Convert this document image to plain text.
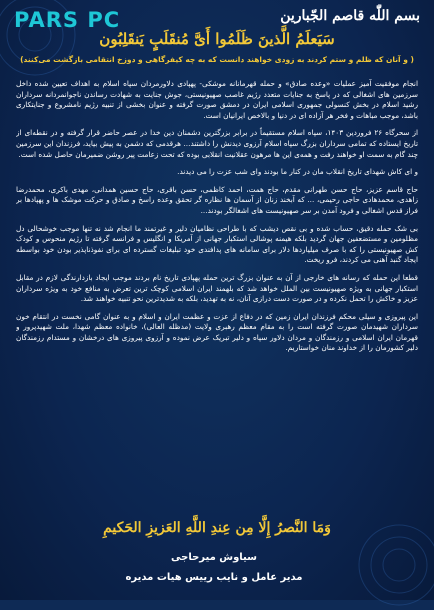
PARS PC	بسم اللّٰه قاصم الجّبارین
سَیَعلَمُ الَّذینَ ظَلَمُوا أَیَّ مُنقَلَبٍ یَنقَلِبُون
( و آنان که ظلم و ستم کردند به زودی خواهند دانست که به چه کیفرگاهی و دوزخ انتقامی بازگشت می‌کنند)

انجام موفقیت آمیز عملیات «وعده صادق» و حمله قهرمانانه موشکی- پهپادی دلاورمردان سپاه اسلام به اهداف تعیین شده داخل سرزمین های اشغالی که در پاسخ به جنایات متعدد رژیم غاصب صهیونیستی، جوش جنایت به شهادت رساندن ناجوانمردانه سرداران رشید اسلام در بخش کنسولی جمهوری اسلامی ایران در دمشق صورت گرفته و عنوان بخشی از تنبیه رژیم نامشروع و جنایتکاری باشد، موجب مباهات و فخر هر آزاده ای در دنیا و بالاخص ایرانیان است.

از سحرگاه ۲۶ فروردین ۱۴۰۳، سپاه اسلام مستقیماً در برابر بزرگترین دشمنان دین خدا در عصر حاضر قرار گرفته و در نقطه‌ای از تاریخ ایستاده که تمامی سرداران بزرگ سپاه اسلام آرزوی دیدنش را داشتند... هرقدمی که دشمن به پیش بیاید، فرزندان این سرزمین چند گام به سمت او خواهند رفت و همه‌ی این ها مرهون عقلانیت انقلابی بوده که تحت زعامت پیر روشن ضمیرمان حاصل شده است.

و ای کاش شهدای تاریخ انقلاب مان در کنار ما بودند وای شب عزت را می دیدند.

حاج قاسم عزیز، حاج حسن طهرانی مقدم، حاج همت، احمد کاظمی، حسن باقری، حاج حسین همدانی، مهدی باکری، محمدرضا زاهدی، محمدهادی حاجی رحیمی، ... که آبخند زنان از آسمان ها نظاره گر تحقق وعده راسخ و صادق و حرکت موشک ها و پهپادها بر فراز قدس اشغالی و فرود آمدن بر سر صهیونیست های اشغالگر بودند...

بی شک حمله دقیق، حساب شده و بی نقص دیشب که با طراحی نظامیان دلیر و غیرتمند ما انجام شد نه تنها موجب خوشحالی دل مظلومین و مستضعفین جهان گردید بلکه هیمنه پوشالی استکبار جهانی از آمریکا و انگلیس و فرانسه گرفته تا رژیم منحوس و کودک کش صهیونیستی را که با صرف میلیاردها دلار برای سامانه های پدافندی خود تبلیغات گسترده ای برای نفوذناپذیر بودن خود بواسطه ایجاد گنبد آهنی می کردند، فرو ریخت.

قطعا این حمله که رسانه های خارجی از آن به عنوان بزرگ ترین حمله پهپادی تاریخ نام بردند موجب ایجاد بازدارندگی لازم در مقابل استکبار جهانی به ویژه صهیونیست بین الملل خواهد شد که بلهمند ایران اسلامی کوچک ترین تعرض به منافع خود به ویژه سرداران عزیز و خاکش را تحمل نکرده و در صورت دست درازی آنان، نه به تهدید، بلکه به شدیدترین نحو تنبیه خواهند شد.

این پیروزی و سیلی محکم فرزندان ایران زمین که در دفاع از عزت و عظمت ایران و اسلام و به عنوان گامی نخست در انتقام خون سرداران شهیدمان صورت گرفته است را به مقام معظم رهبری ولایت (مدظله العالی)، خانواده معظم شهدا، ملت شهیدپرور و قهرمان ایران اسلامی و رزمندگان و مردان دلاور سپاه و دلیر تبریک عرض نموده و آرزوی پیروزی های درخشان و مستدام رزمندگان دلیر کشورمان را از خداوند منان خواستاریم.

وَمَا النَّصرُ إِلَّا مِن عِندِ اللَّهِ العَزیزِ الحَکیمِ
سیاوش میرحاجی
مدیر عامل و نایب رییس هیات مدیره
